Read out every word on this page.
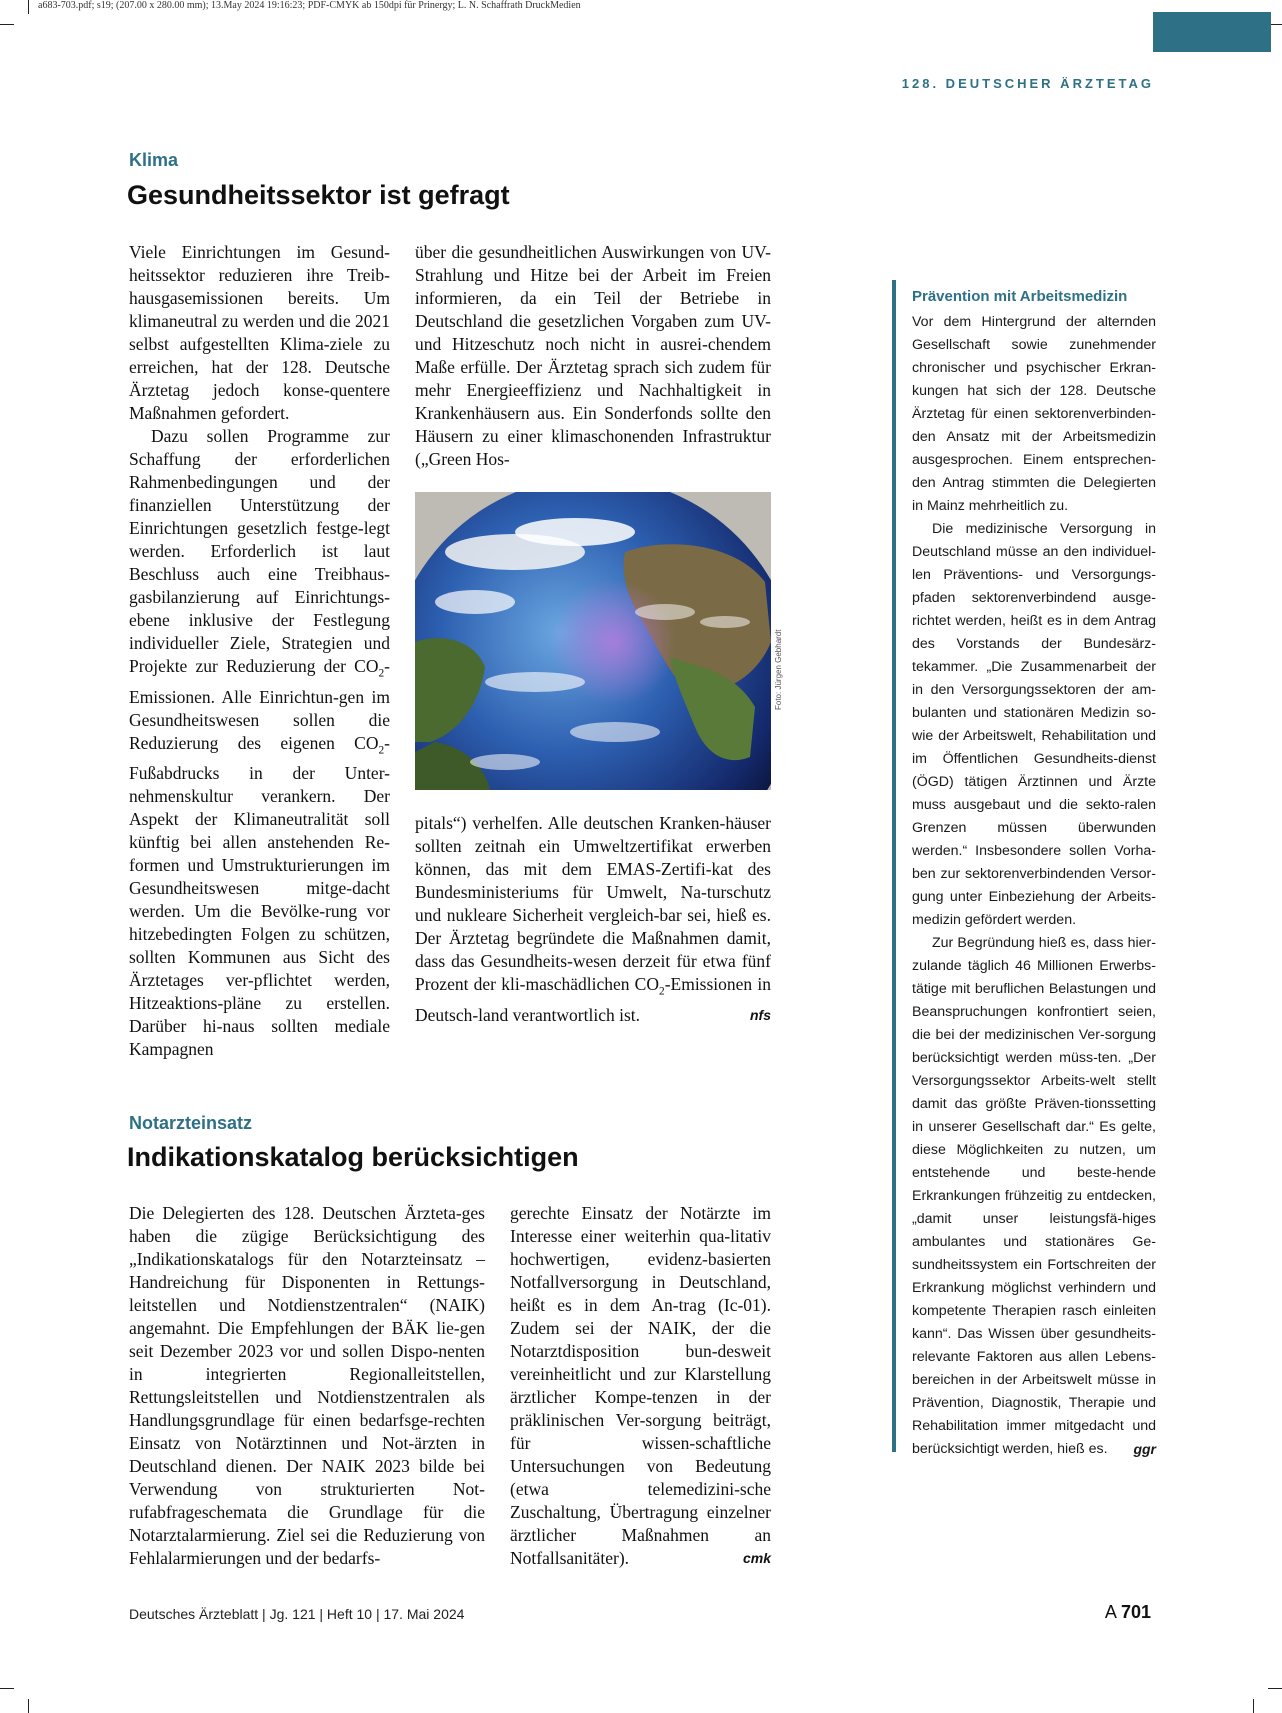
a683-703.pdf; s19; (207.00 x 280.00 mm); 13.May 2024 19:16:23; PDF-CMYK ab 150dpi für Prinergy; L. N. Schaffrath DruckMedien
128. DEUTSCHER ÄRZTETAG
Klima
Gesundheitssektor ist gefragt

Viele Einrichtungen im Gesund-heitssektor reduzieren ihre Treib-hausgasemissionen bereits. Um klimaneutral zu werden und die 2021 selbst aufgestellten Klima-ziele zu erreichen, hat der 128. Deutsche Ärztetag jedoch konse-quentere Maßnahmen gefordert.

Dazu sollen Programme zur Schaffung der erforderlichen Rahmenbedingungen und der finanziellen Unterstützung der Einrichtungen gesetzlich festge-legt werden. Erforderlich ist laut Beschluss auch eine Treibhaus-gasbilanzierung auf Einrichtungs-ebene inklusive der Festlegung individueller Ziele, Strategien und Projekte zur Reduzierung der $CO_2$-Emissionen. Alle Einrichtun-gen im Gesundheitswesen sollen die Reduzierung des eigenen $CO_2$-Fußabdrucks in der Unter-nehmenskultur verankern. Der Aspekt der Klimaneutralität soll künftig bei allen anstehenden Re-formen und Umstrukturierungen im Gesundheitswesen mitge-dacht werden. Um die Bevölke-rung vor hitzebedingten Folgen zu schützen, sollten Kommunen aus Sicht des Ärztetages ver-pflichtet werden, Hitzeaktions-pläne zu erstellen. Darüber hi-naus sollten mediale Kampagnen

über die gesundheitlichen Auswirkungen von UV-Strahlung und Hitze bei der Arbeit im Freien informieren, da ein Teil der Betriebe in Deutschland die gesetzlichen Vorgaben zum UV- und Hitzeschutz noch nicht in ausrei-chendem Maße erfülle. Der Ärztetag sprach sich zudem für mehr Energieeffizienz und Nachhaltigkeit in Krankenhäusern aus. Ein Sonderfonds sollte den Häusern zu einer klimaschonenden Infrastruktur („Green Hos-

Foto: Jürgen Gebhardt

pitals“) verhelfen. Alle deutschen Kranken-häuser sollten zeitnah ein Umweltzertifikat erwerben können, das mit dem EMAS-Zertifi-kat des Bundesministeriums für Umwelt, Na-turschutz und nukleare Sicherheit vergleich-bar sei, hieß es. Der Ärztetag begründete die Maßnahmen damit, dass das Gesundheits-wesen derzeit für etwa fünf Prozent der kli-maschädlichen $CO_2$-Emissionen in Deutsch-land verantwortlich ist.	nfs

Notarzteinsatz
Indikationskatalog berücksichtigen

Die Delegierten des 128. Deutschen Ärzteta-ges haben die zügige Berücksichtigung des „Indikationskatalogs für den Notarzteinsatz – Handreichung für Disponenten in Rettungs-leitstellen und Notdienstzentralen“ (NAIK) angemahnt. Die Empfehlungen der BÄK lie-gen seit Dezember 2023 vor und sollen Dispo-nenten in integrierten Regionalleitstellen, Rettungsleitstellen und Notdienstzentralen als Handlungsgrundlage für einen bedarfsge-rechten Einsatz von Notärztinnen und Not-ärzten in Deutschland dienen. Der NAIK 2023 bilde bei Verwendung von strukturierten Not-rufabfrageschemata die Grundlage für die Notarztalarmierung. Ziel sei die Reduzierung von Fehlalarmierungen und der bedarfs-

gerechte Einsatz der Notärzte im Interesse einer weiterhin qua-litativ hochwertigen, evidenz-basierten Notfallversorgung in Deutschland, heißt es in dem An-trag (Ic-01). Zudem sei der NAIK, der die Notarztdisposition bun-desweit vereinheitlicht und zur Klarstellung ärztlicher Kompe-tenzen in der präklinischen Ver-sorgung beiträgt, für wissen-schaftliche Untersuchungen von Bedeutung (etwa telemedizini-sche Zuschaltung, Übertragung einzelner ärztlicher Maßnahmen an Notfallsanitäter).	cmk

Prävention mit Arbeitsmedizin

Vor dem Hintergrund der alternden Gesellschaft sowie zunehmender chronischer und psychischer Erkran-kungen hat sich der 128. Deutsche Ärztetag für einen sektorenverbinden-den Ansatz mit der Arbeitsmedizin ausgesprochen. Einem entsprechen-den Antrag stimmten die Delegierten in Mainz mehrheitlich zu.

Die medizinische Versorgung in Deutschland müsse an den individuel-len Präventions- und Versorgungs-pfaden sektorenverbindend ausge-richtet werden, heißt es in dem Antrag des Vorstands der Bundesärz-tekammer. „Die Zusammenarbeit der in den Versorgungssektoren der am-bulanten und stationären Medizin so-wie der Arbeitswelt, Rehabilitation und im Öffentlichen Gesundheits-dienst (ÖGD) tätigen Ärztinnen und Ärzte muss ausgebaut und die sekto-ralen Grenzen müssen überwunden werden.“ Insbesondere sollen Vorha-ben zur sektorenverbindenden Versor-gung unter Einbeziehung der Arbeits-medizin gefördert werden.

Zur Begründung hieß es, dass hier-zulande täglich 46 Millionen Erwerbs-tätige mit beruflichen Belastungen und Beanspruchungen konfrontiert seien, die bei der medizinischen Ver-sorgung berücksichtigt werden müss-ten. „Der Versorgungssektor Arbeits-welt stellt damit das größte Präven-tionssetting in unserer Gesellschaft dar.“ Es gelte, diese Möglichkeiten zu nutzen, um entstehende und beste-hende Erkrankungen frühzeitig zu entdecken, „damit unser leistungsfä-higes ambulantes und stationäres Ge-sundheitssystem ein Fortschreiten der Erkrankung möglichst verhindern und kompetente Therapien rasch einleiten kann“. Das Wissen über gesundheits-relevante Faktoren aus allen Lebens-bereichen in der Arbeitswelt müsse in Prävention, Diagnostik, Therapie und Rehabilitation immer mitgedacht und berücksichtigt werden, hieß es.	ggr

Deutsches Ärzteblatt | Jg. 121 | Heft 10 | 17. Mai 2024	A 701
